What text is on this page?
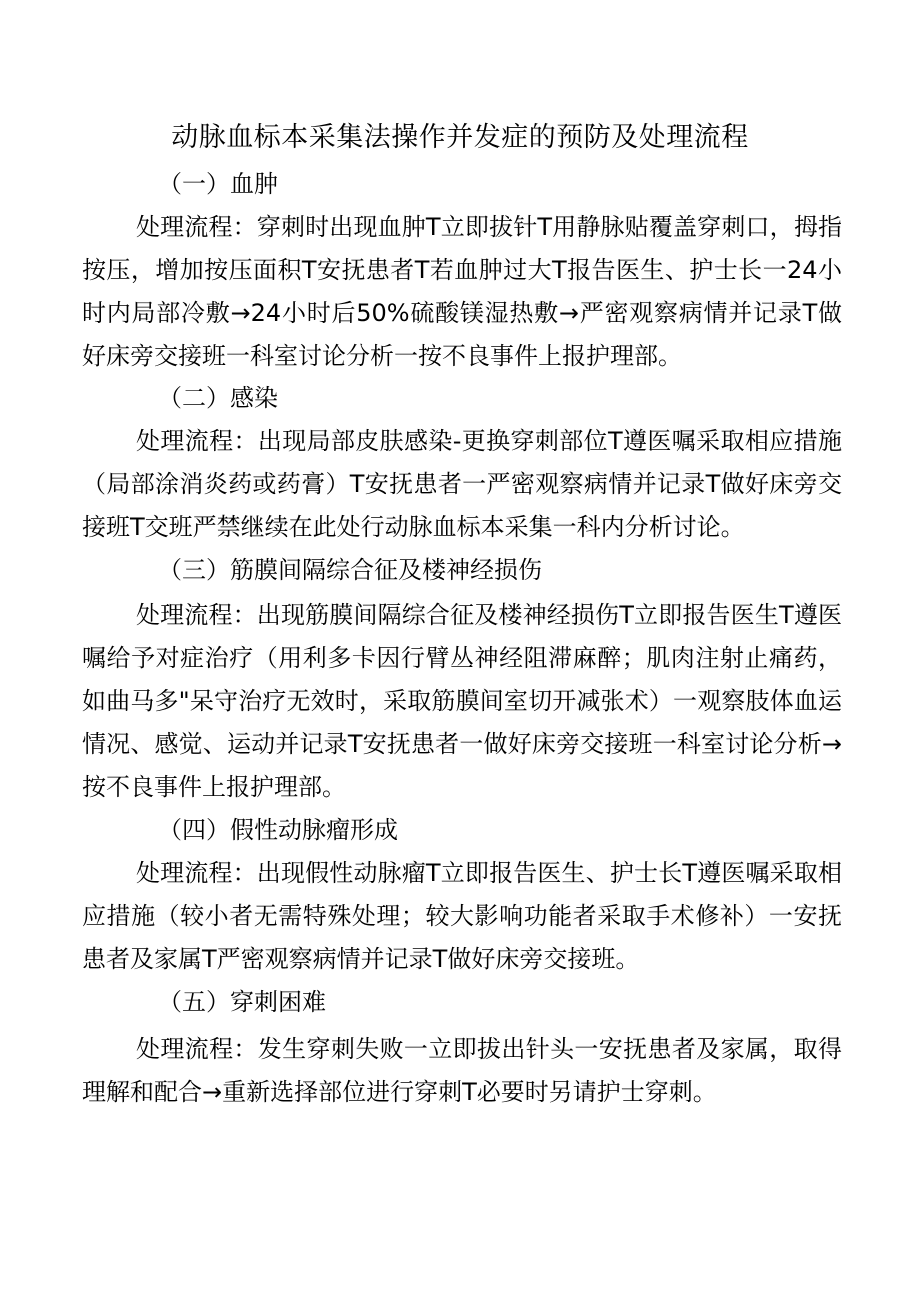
动脉血标本采集法操作并发症的预防及处理流程
（一）血肿
处理流程：穿刺时出现血肿T立即拔针T用静脉贴覆盖穿刺口，拇指按压，增加按压面积T安抚患者T若血肿过大T报告医生、护士长一24小时内局部冷敷→24小时后50%硫酸镁湿热敷→严密观察病情并记录T做好床旁交接班一科室讨论分析一按不良事件上报护理部。
（二）感染
处理流程：出现局部皮肤感染-更换穿刺部位T遵医嘱采取相应措施（局部涂消炎药或药膏）T安抚患者一严密观察病情并记录T做好床旁交接班T交班严禁继续在此处行动脉血标本采集一科内分析讨论。
（三）筋膜间隔综合征及楼神经损伤
处理流程：出现筋膜间隔综合征及楼神经损伤T立即报告医生T遵医嘱给予对症治疗（用利多卡因行臂丛神经阻滞麻醉；肌肉注射止痛药，如曲马多"呆守治疗无效时，采取筋膜间室切开减张术）一观察肢体血运情况、感觉、运动并记录T安抚患者一做好床旁交接班一科室讨论分析→按不良事件上报护理部。
（四）假性动脉瘤形成
处理流程：出现假性动脉瘤T立即报告医生、护士长T遵医嘱采取相应措施（较小者无需特殊处理；较大影响功能者采取手术修补）一安抚患者及家属T严密观察病情并记录T做好床旁交接班。
（五）穿刺困难
处理流程：发生穿刺失败一立即拔出针头一安抚患者及家属，取得理解和配合→重新选择部位进行穿刺T必要时另请护士穿刺。
